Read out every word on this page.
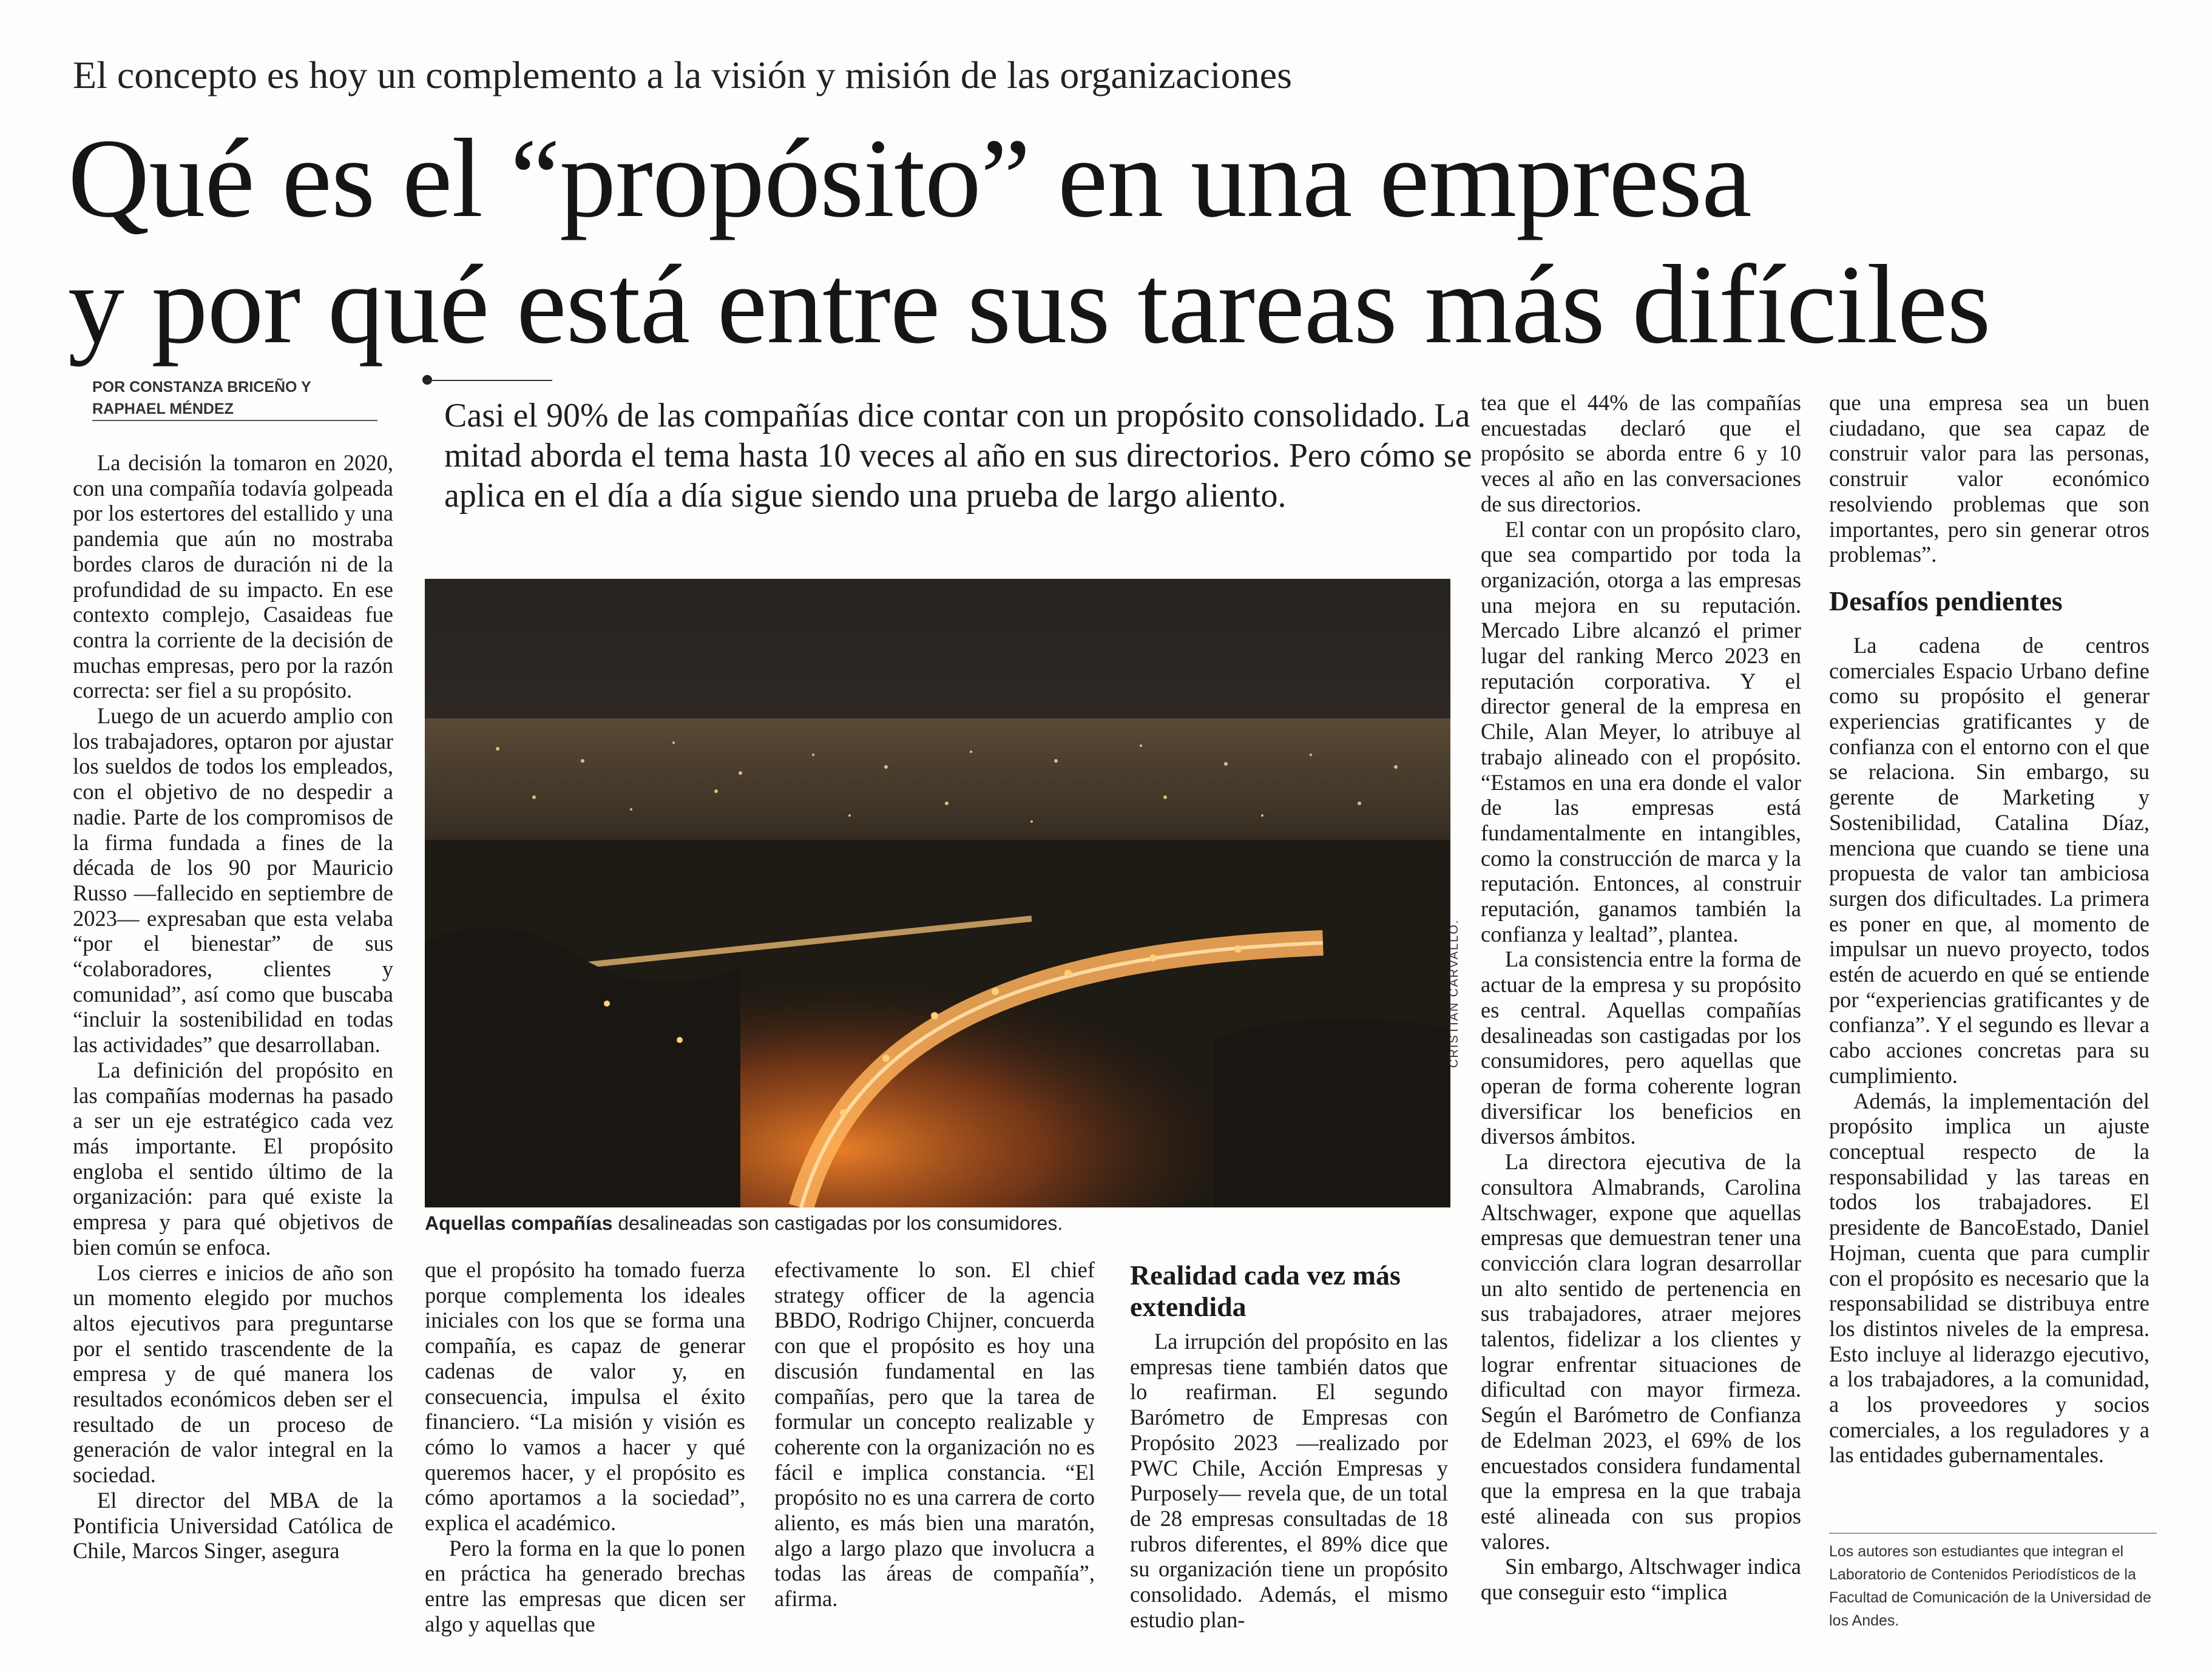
El concepto es hoy un complemento a la visión y misión de las organizaciones
Qué es el “propósito” en una empresa
y por qué está entre sus tareas más difíciles
POR CONSTANZA BRICEÑO Y RAPHAEL MÉNDEZ	Casi el 90% de las compañías dice contar con un propósito consolidado. La mitad aborda el tema hasta 10 veces al año en sus directorios. Pero cómo se aplica en el día a día sigue siendo una prueba de largo aliento.

La decisión la tomaron en 2020, con una compañía todavía golpeada por los estertores del estallido y una pandemia que aún no mostraba bordes claros de duración ni de la profundidad de su impacto. En ese contexto complejo, Casaideas fue contra la corriente de la decisión de muchas empresas, pero por la razón correcta: ser fiel a su propósito.

Luego de un acuerdo amplio con los trabajadores, optaron por ajustar los sueldos de todos los empleados, con el objetivo de no despedir a nadie. Parte de los compromisos de la firma fundada a fines de la década de los 90 por Mauricio Russo —fallecido en septiembre de 2023— expresaban que esta velaba “por el bienestar” de sus “colaboradores, clientes y comunidad”, así como que buscaba “incluir la sostenibilidad en todas las actividades” que desarrollaban.

La definición del propósito en las compañías modernas ha pasado a ser un eje estratégico cada vez más importante. El propósito engloba el sentido último de la organización: para qué existe la empresa y para qué objetivos de bien común se enfoca.

Los cierres e inicios de año son un momento elegido por muchos altos ejecutivos para preguntarse por el sentido trascendente de la empresa y de qué manera los resultados económicos deben ser el resultado de un proceso de generación de valor integral en la sociedad.

El director del MBA de la Pontificia Universidad Católica de Chile, Marcos Singer, asegura

CRISTIAN CARVALLO.
Aquellas compañías desalineadas son castigadas por los consumidores.

que el propósito ha tomado fuerza porque complementa los ideales iniciales con los que se forma una compañía, es capaz de generar cadenas de valor y, en consecuencia, impulsa el éxito financiero. “La misión y visión es cómo lo vamos a hacer y qué queremos hacer, y el propósito es cómo aportamos a la sociedad”, explica el académico.

Pero la forma en la que lo ponen en práctica ha generado brechas entre las empresas que dicen ser algo y aquellas que

efectivamente lo son. El chief strategy officer de la agencia BBDO, Rodrigo Chijner, concuerda con que el propósito es hoy una discusión fundamental en las compañías, pero que la tarea de formular un concepto realizable y coherente con la organización no es fácil e implica constancia. “El propósito no es una carrera de corto aliento, es más bien una maratón, algo a largo plazo que involucra a todas las áreas de compañía”, afirma.

Realidad cada vez más extendida

La irrupción del propósito en las empresas tiene también datos que lo reafirman. El segundo Barómetro de Empresas con Propósito 2023 —realizado por PWC Chile, Acción Empresas y Purposely— revela que, de un total de 28 empresas consultadas de 18 rubros diferentes, el 89% dice que su organización tiene un propósito consolidado. Además, el mismo estudio plan-

tea que el 44% de las compañías encuestadas declaró que el propósito se aborda entre 6 y 10 veces al año en las conversaciones de sus directorios.

El contar con un propósito claro, que sea compartido por toda la organización, otorga a las empresas una mejora en su reputación. Mercado Libre alcanzó el primer lugar del ranking Merco 2023 en reputación corporativa. Y el director general de la empresa en Chile, Alan Meyer, lo atribuye al trabajo alineado con el propósito. “Estamos en una era donde el valor de las empresas está fundamentalmente en intangibles, como la construcción de marca y la reputación. Entonces, al construir reputación, ganamos también la confianza y lealtad”, plantea.

La consistencia entre la forma de actuar de la empresa y su propósito es central. Aquellas compañías desalineadas son castigadas por los consumidores, pero aquellas que operan de forma coherente logran diversificar los beneficios en diversos ámbitos.

La directora ejecutiva de la consultora Almabrands, Carolina Altschwager, expone que aquellas empresas que demuestran tener una convicción clara logran desarrollar un alto sentido de pertenencia en sus trabajadores, atraer mejores talentos, fidelizar a los clientes y lograr enfrentar situaciones de dificultad con mayor firmeza. Según el Barómetro de Confianza de Edelman 2023, el 69% de los encuestados considera fundamental que la empresa en la que trabaja esté alineada con sus propios valores.

Sin embargo, Altschwager indica que conseguir esto “implica

que una empresa sea un buen ciudadano, que sea capaz de construir valor para las personas, construir valor económico resolviendo problemas que son importantes, pero sin generar otros problemas”.

Desafíos pendientes

La cadena de centros comerciales Espacio Urbano define como su propósito el generar experiencias gratificantes y de confianza con el entorno con el que se relaciona. Sin embargo, su gerente de Marketing y Sostenibilidad, Catalina Díaz, menciona que cuando se tiene una propuesta de valor tan ambiciosa surgen dos dificultades. La primera es poner en que, al momento de impulsar un nuevo proyecto, todos estén de acuerdo en qué se entiende por “experiencias gratificantes y de confianza”. Y el segundo es llevar a cabo acciones concretas para su cumplimiento.

Además, la implementación del propósito implica un ajuste conceptual respecto de la responsabilidad y las tareas en todos los trabajadores. El presidente de BancoEstado, Daniel Hojman, cuenta que para cumplir con el propósito es necesario que la responsabilidad se distribuya entre los distintos niveles de la empresa. Esto incluye al liderazgo ejecutivo, a los trabajadores, a la comunidad, a los proveedores y socios comerciales, a los reguladores y a las entidades gubernamentales.

Los autores son estudiantes que integran el Laboratorio de Contenidos Periodísticos de la Facultad de Comunicación de la Universidad de los Andes.
